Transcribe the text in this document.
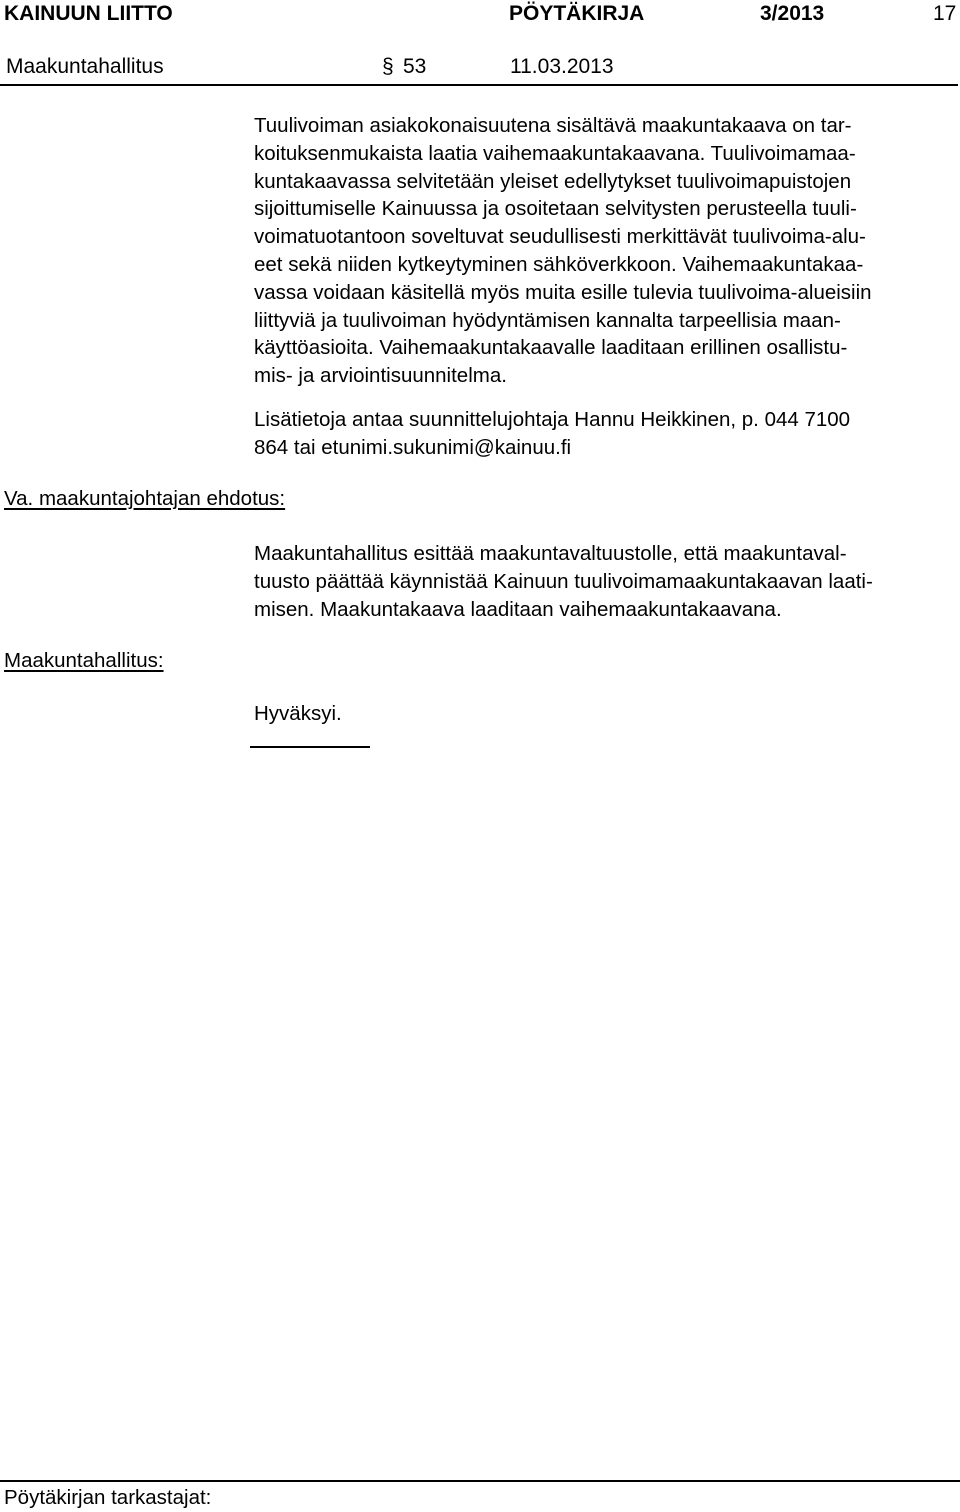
KAINUUN LIITTO	PÖYTÄKIRJA	3/2013	17
Maakuntahallitus	§ 53	11.03.2013
Tuulivoiman asiakokonaisuutena sisältävä maakuntakaava on tar-
koituksenmukaista laatia vaihemaakuntakaavana. Tuulivoimamaa-
kuntakaavassa selvitetään yleiset edellytykset tuulivoimapuistojen
sijoittumiselle Kainuussa ja osoitetaan selvitysten perusteella tuuli-
voimatuotantoon soveltuvat seudullisesti merkittävät tuulivoima-alu-
eet sekä niiden kytkeytyminen sähköverkkoon. Vaihemaakuntakaa-
vassa voidaan käsitellä myös muita esille tulevia tuulivoima-alueisiin
liittyviä ja tuulivoiman hyödyntämisen kannalta tarpeellisia maan-
käyttöasioita. Vaihemaakuntakaavalle laaditaan erillinen osallistu-
mis- ja arviointisuunnitelma.
Lisätietoja antaa suunnittelujohtaja Hannu Heikkinen, p. 044 7100
864 tai etunimi.sukunimi@kainuu.fi
Va. maakuntajohtajan ehdotus:
Maakuntahallitus esittää maakuntavaltuustolle, että maakuntaval-
tuusto päättää käynnistää Kainuun tuulivoimamaakuntakaavan laati-
misen. Maakuntakaava laaditaan vaihemaakuntakaavana.
Maakuntahallitus:
Hyväksyi.
Pöytäkirjan tarkastajat:
